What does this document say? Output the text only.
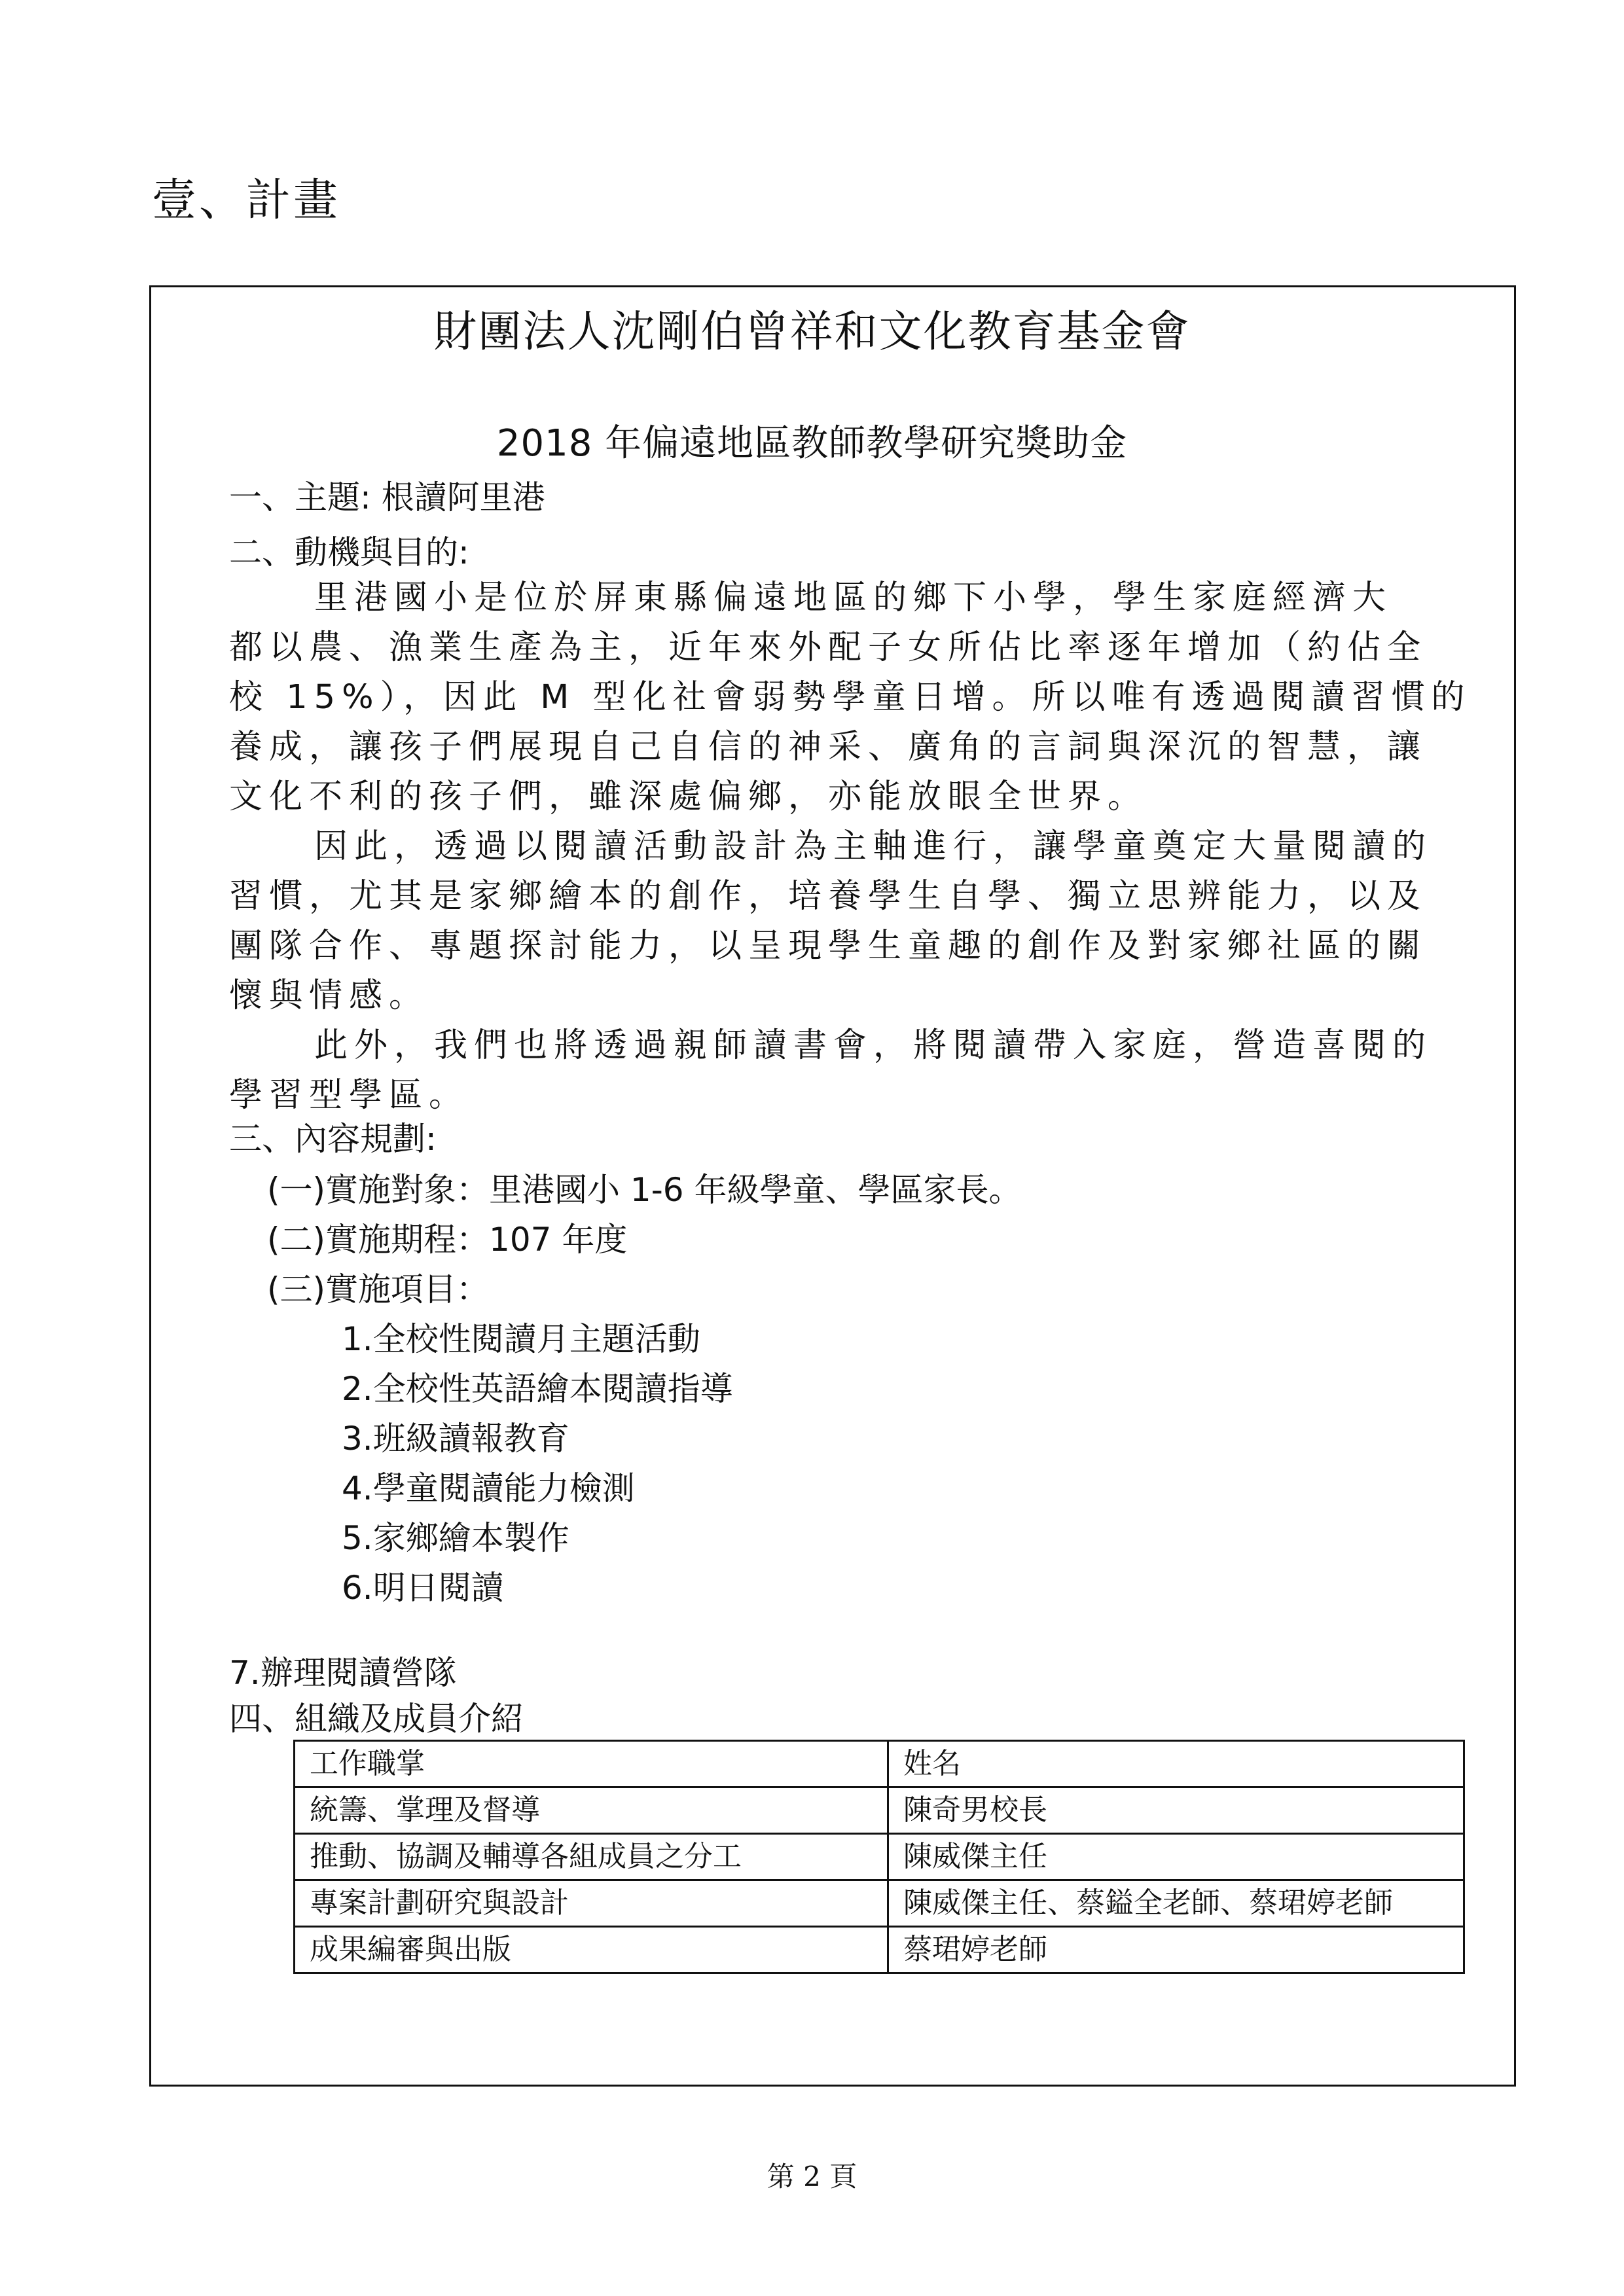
壹、計畫
財團法人沈剛伯曾祥和文化教育基金會
2018 年偏遠地區教師教學研究獎助金
一、主題: 根讀阿里港
二、動機與目的:
里港國小是位於屏東縣偏遠地區的鄉下小學，學生家庭經濟大
都以農、漁業生產為主，近年來外配子女所佔比率逐年增加（約佔全
校 15%），因此 M 型化社會弱勢學童日增。所以唯有透過閱讀習慣的
養成，讓孩子們展現自己自信的神采、廣角的言詞與深沉的智慧，讓
文化不利的孩子們，雖深處偏鄉，亦能放眼全世界。
因此，透過以閱讀活動設計為主軸進行，讓學童奠定大量閱讀的
習慣，尤其是家鄉繪本的創作，培養學生自學、獨立思辨能力，以及
團隊合作、專題探討能力，以呈現學生童趣的創作及對家鄉社區的關
懷與情感。
此外，我們也將透過親師讀書會，將閱讀帶入家庭，營造喜閱的
學習型學區。
三、內容規劃:
(一)實施對象：里港國小 1-6 年級學童、學區家長。
(二)實施期程：107 年度
(三)實施項目：
1.全校性閱讀月主題活動
2.全校性英語繪本閱讀指導
3.班級讀報教育
4.學童閱讀能力檢測
5.家鄉繪本製作
6.明日閱讀
7.辦理閱讀營隊
四、組織及成員介紹
工作職掌	姓名
統籌、掌理及督導	陳奇男校長
推動、協調及輔導各組成員之分工	陳威傑主任
專案計劃研究與設計	陳威傑主任、蔡鎰全老師、蔡珺婷老師
成果編審與出版	蔡珺婷老師
第 2 頁
